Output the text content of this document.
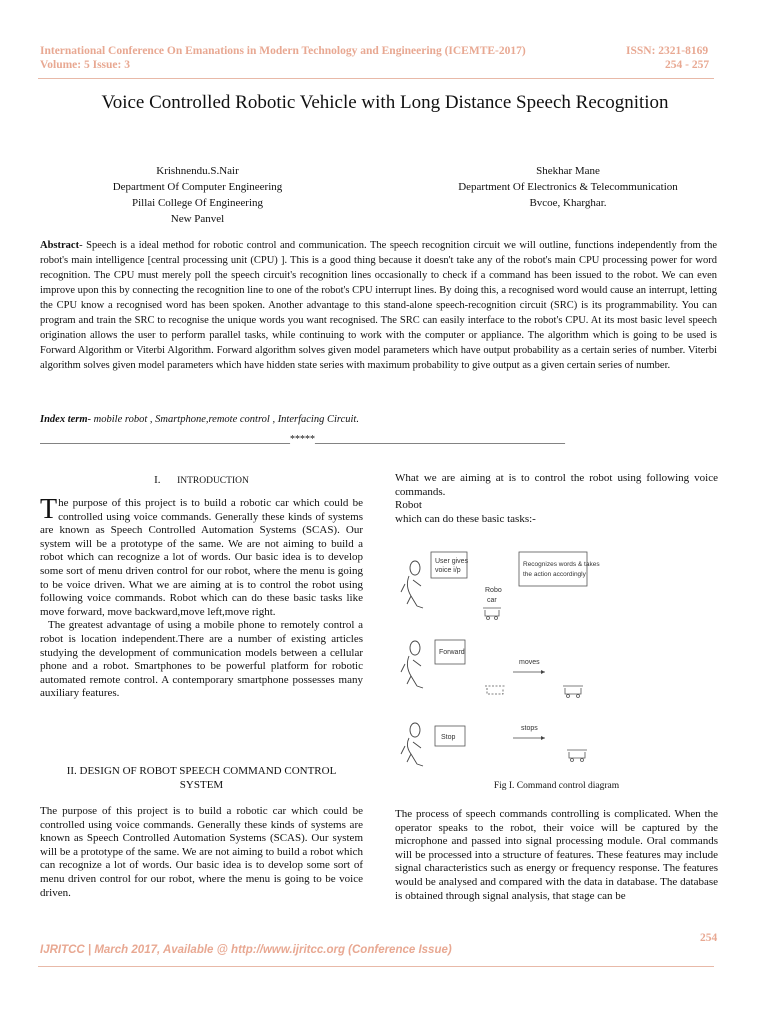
International Conference On Emanations in Modern Technology and Engineering (ICEMTE-2017)
Volume: 5 Issue: 3
ISSN: 2321-8169
254 - 257
Voice Controlled Robotic Vehicle with Long Distance Speech Recognition
Krishnendu.S.Nair
Department Of Computer Engineering
Pillai College Of Engineering
New Panvel
Shekhar Mane
Department Of Electronics & Telecommunication
Bvcoe, Kharghar.
Abstract- Speech is a ideal method for robotic control and communication. The speech recognition circuit we will outline, functions independently from the robot's main intelligence [central processing unit (CPU) ]. This is a good thing because it doesn't take any of the robot's main CPU processing power for word recognition. The CPU must merely poll the speech circuit's recognition lines occasionally to check if a command has been issued to the robot. We can even improve upon this by connecting the recognition line to one of the robot's CPU interrupt lines. By doing this, a recognised word would cause an interrupt, letting the CPU know a recognised word has been spoken. Another advantage to this stand-alone speech-recognition circuit (SRC) is its programmability. You can program and train the SRC to recognise the unique words you want recognised. The SRC can easily interface to the robot's CPU. At its most basic level speech origination allows the user to perform parallel tasks, while continuing to work with the computer or appliance. The algorithm which is going to be used is Forward Algorithm or Viterbi Algorithm. Forward algorithm solves given model parameters which have output probability as a certain series of number. Viterbi algorithm solves given model parameters which have hidden state series with maximum probability to give output as a given certain series of number.
Index term- mobile robot , Smartphone,remote control , Interfacing Circuit.
__________________________________________________*****__________________________________________________
I. INTRODUCTION
The purpose of this project is to build a robotic car which could be controlled using voice commands. Generally these kinds of systems are known as Speech Controlled Automation Systems (SCAS). Our system will be a prototype of the same. We are not aiming to build a robot which can recognize a lot of words. Our basic idea is to develop some sort of menu driven control for our robot, where the menu is going to be voice driven. What we are aiming at is to control the robot using following voice commands. Robot which can do these basic tasks like move forward, move backward,move left,move right.
The greatest advantage of using a mobile phone to remotely control a robot is location independent.There are a number of existing articles studying the development of communication models between a cellular phone and a robot. Smartphones to be powerful platform for robotic automated remote control. A contemporary smartphone possesses many auxiliary features.
II. DESIGN OF ROBOT SPEECH COMMAND CONTROL
SYSTEM
The purpose of this project is to build a robotic car which could be controlled using voice commands. Generally these kinds of systems are known as Speech Controlled Automation Systems (SCAS). Our system will be a prototype of the same. We are not aiming to build a robot which can recognize a lot of words. Our basic idea is to develop some sort of menu driven control for our robot, where the menu is going to be voice driven.
What we are aiming at is to control the robot using following voice commands.
Robot
which can do these basic tasks:-
User gives
voice i/p
Recognizes words & takes
the action accordingly
Robo
car
Forward
moves
Stop
stops
Fig I. Command control diagram
The process of speech commands controlling is complicated. When the operator speaks to the robot, their voice will be captured by the microphone and passed into signal processing module. Oral commands will be processed into a structure of features. These features may include signal characteristics such as energy or frequency response. The features would be analysed and compared with the data in database. The database is obtained through signal analysis, that stage can be
254
IJRITCC | March 2017, Available @ http://www.ijritcc.org (Conference Issue)
